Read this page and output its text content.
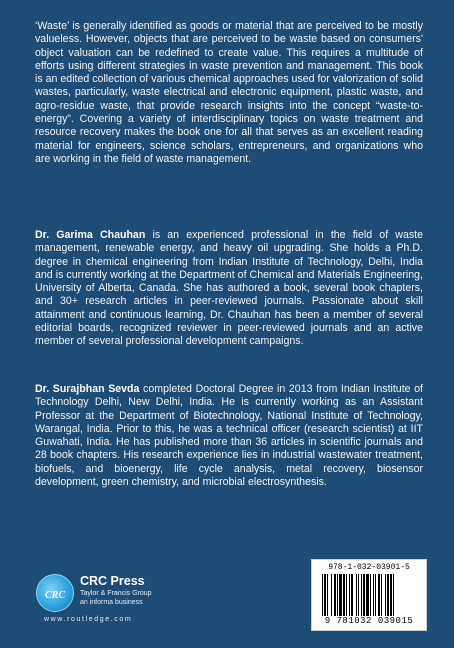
‘Waste’ is generally identified as goods or material that are perceived to be mostly valueless. However, objects that are perceived to be waste based on consumers' object valuation can be redefined to create value. This requires a multitude of efforts using different strategies in waste prevention and management. This book is an edited collection of various chemical approaches used for valorization of solid wastes, particularly, waste electrical and electronic equipment, plastic waste, and agro-residue waste, that provide research insights into the concept “waste-to-energy”. Covering a variety of interdisciplinary topics on waste treatment and resource recovery makes the book one for all that serves as an excellent reading material for engineers, science scholars, entrepreneurs, and organizations who are working in the field of waste management.

Dr. Garima Chauhan is an experienced professional in the field of waste management, renewable energy, and heavy oil upgrading. She holds a Ph.D. degree in chemical engineering from Indian Institute of Technology, Delhi, India and is currently working at the Department of Chemical and Materials Engineering, University of Alberta, Canada. She has authored a book, several book chapters, and 30+ research articles in peer-reviewed journals. Passionate about skill attainment and continuous learning, Dr. Chauhan has been a member of several editorial boards, recognized reviewer in peer-reviewed journals and an active member of several professional development campaigns.

Dr. Surajbhan Sevda completed Doctoral Degree in 2013 from Indian Institute of Technology Delhi, New Delhi, India. He is currently working as an Assistant Professor at the Department of Biotechnology, National Institute of Technology, Warangal, India. Prior to this, he was a technical officer (research scientist) at IIT Guwahati, India. He has published more than 36 articles in scientific journals and 28 book chapters. His research experience lies in industrial wastewater treatment, biofuels, and bioenergy, life cycle analysis, metal recovery, biosensor development, green chemistry, and microbial electrosynthesis.

CRC
CRC Press
Taylor & Francis Group
an informa business
www.routledge.com
978-1-032-03901-5
9 781032 039015
